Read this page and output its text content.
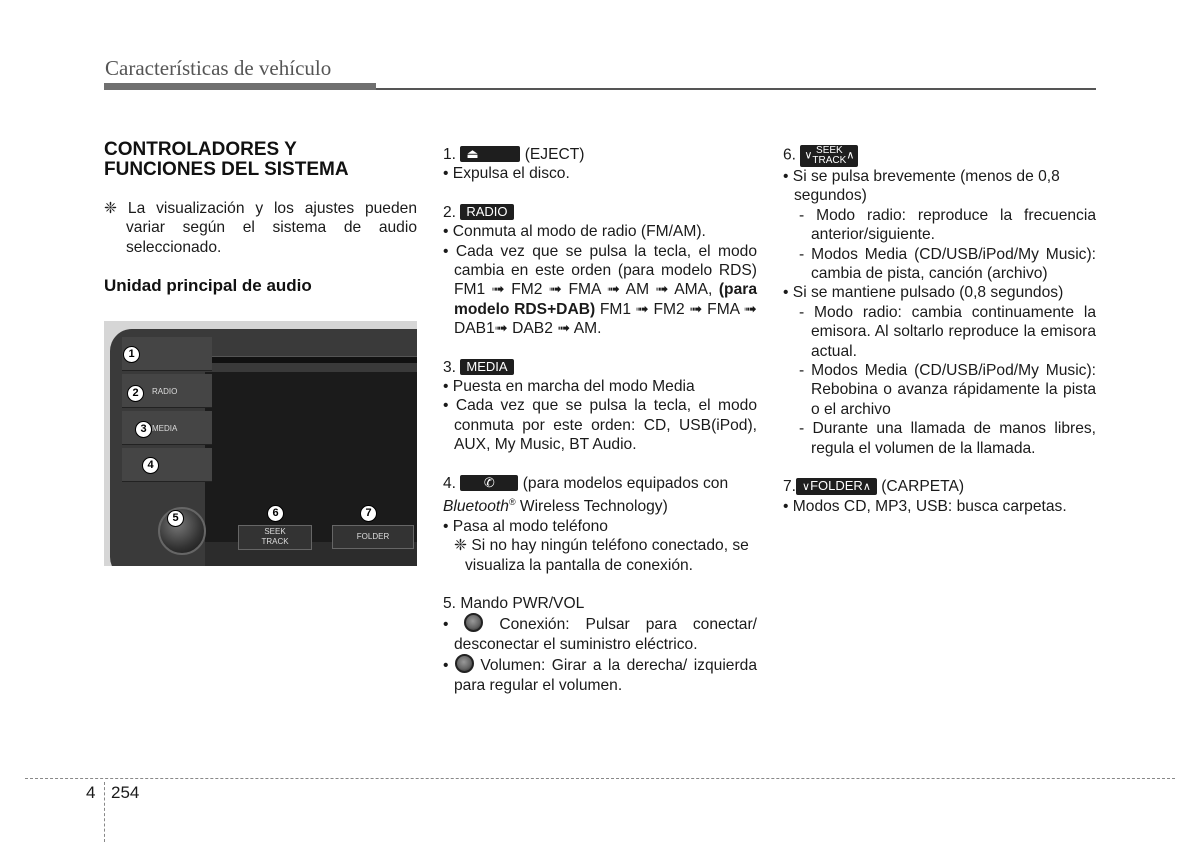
Características de vehículo
CONTROLADORES Y
FUNCIONES DEL SISTEMA

❈ La visualización y los ajustes pueden variar según el sistema de audio seleccionado.

Unidad principal de audio
RADIO
MEDIA
SEEK
TRACK
FOLDER
1
2
3
4
5	6	7

1. ⏏	(EJECT)

• Expulsa el disco.

2. RADIO

• Conmuta al modo de radio (FM/AM).

• Cada vez que se pulsa la tecla, el modo cambia en este orden (para modelo RDS) FM1 ➟ FM2 ➟ FMA ➟ AM ➟ AMA, (para modelo RDS+DAB) FM1 ➟ FM2 ➟ FMA ➟ DAB1➟ DAB2 ➟ AM.

3. MEDIA

• Puesta en marcha del modo Media

• Cada vez que se pulsa la tecla, el modo conmuta por este orden: CD, USB(iPod), AUX, My Music, BT Audio.

4. ✆ (para modelos equipados con

Bluetooth® Wireless Technology)

• Pasa al modo teléfono

❈ Si no hay ningún teléfono conectado, se visualiza la pantalla de conexión.

5. Mando PWR/VOL

•  Conexión: Pulsar para conectar/ desconectar el suministro eléctrico.

•  Volumen: Girar a la derecha/ izquierda para regular el volumen.

6. ∨ SEEK
TRACK∧

• Si se pulsa brevemente (menos de 0,8 segundos)

- Modo radio: reproduce la frecuencia anterior/siguiente.

- Modos Media (CD/USB/iPod/My Music): cambia de pista, canción (archivo)

• Si se mantiene pulsado (0,8 segundos)

- Modo radio: cambia continuamente la emisora. Al soltarlo reproduce la emisora actual.

- Modos Media (CD/USB/iPod/My Music): Rebobina o avanza rápidamente la pista o el archivo

- Durante una llamada de manos libres, regula el volumen de la llamada.

7. ∨FOLDER∧ (CARPETA)

• Modos CD, MP3, USB: busca carpetas.

4 254
